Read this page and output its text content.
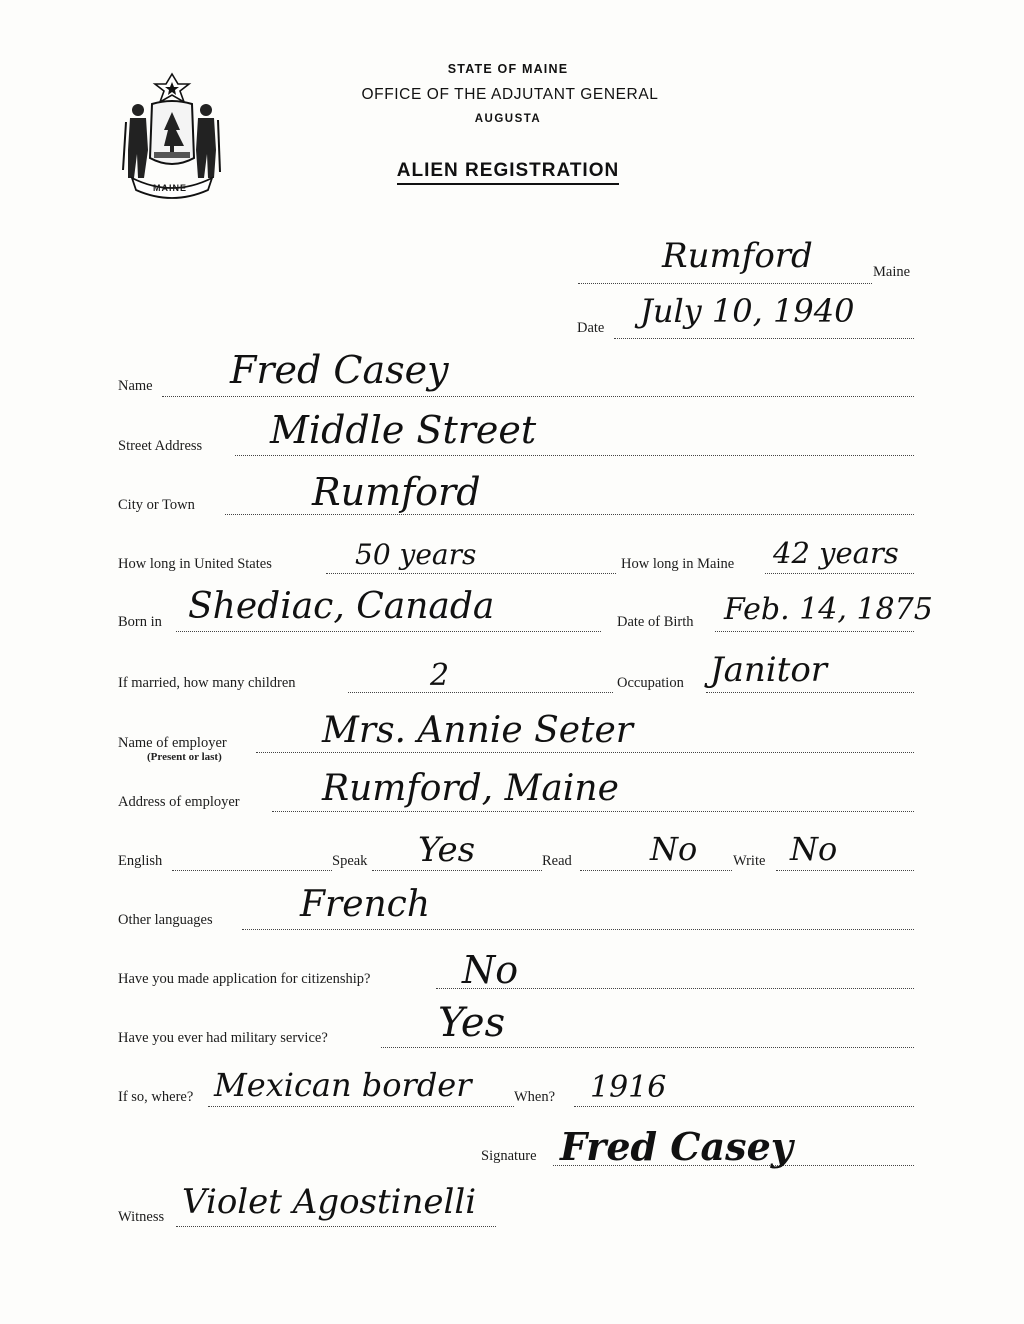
MAINE
STATE OF MAINE
OFFICE OF THE ADJUTANT GENERAL
AUGUSTA
ALIEN REGISTRATION
Rumford	Maine
Date July 10, 1940
Name Fred Casey
Street Address Middle Street
City or Town	Rumford
How long in United States	50 years	How long in Maine 42 years
Born in Shediac, Canada	Date of Birth Feb. 14, 1875
If married, how many children	2	Occupation Janitor
Name of employer
(Present or last)
Mrs. Annie Seter
Address of employer Rumford, Maine
English	Speak Yes	Read No Write No
Other languages French
Have you made application for citizenship? No
Have you ever had military service?	Yes
If so, where? Mexican border	When? 1916
Signature Fred Casey
Witness Violet Agostinelli
